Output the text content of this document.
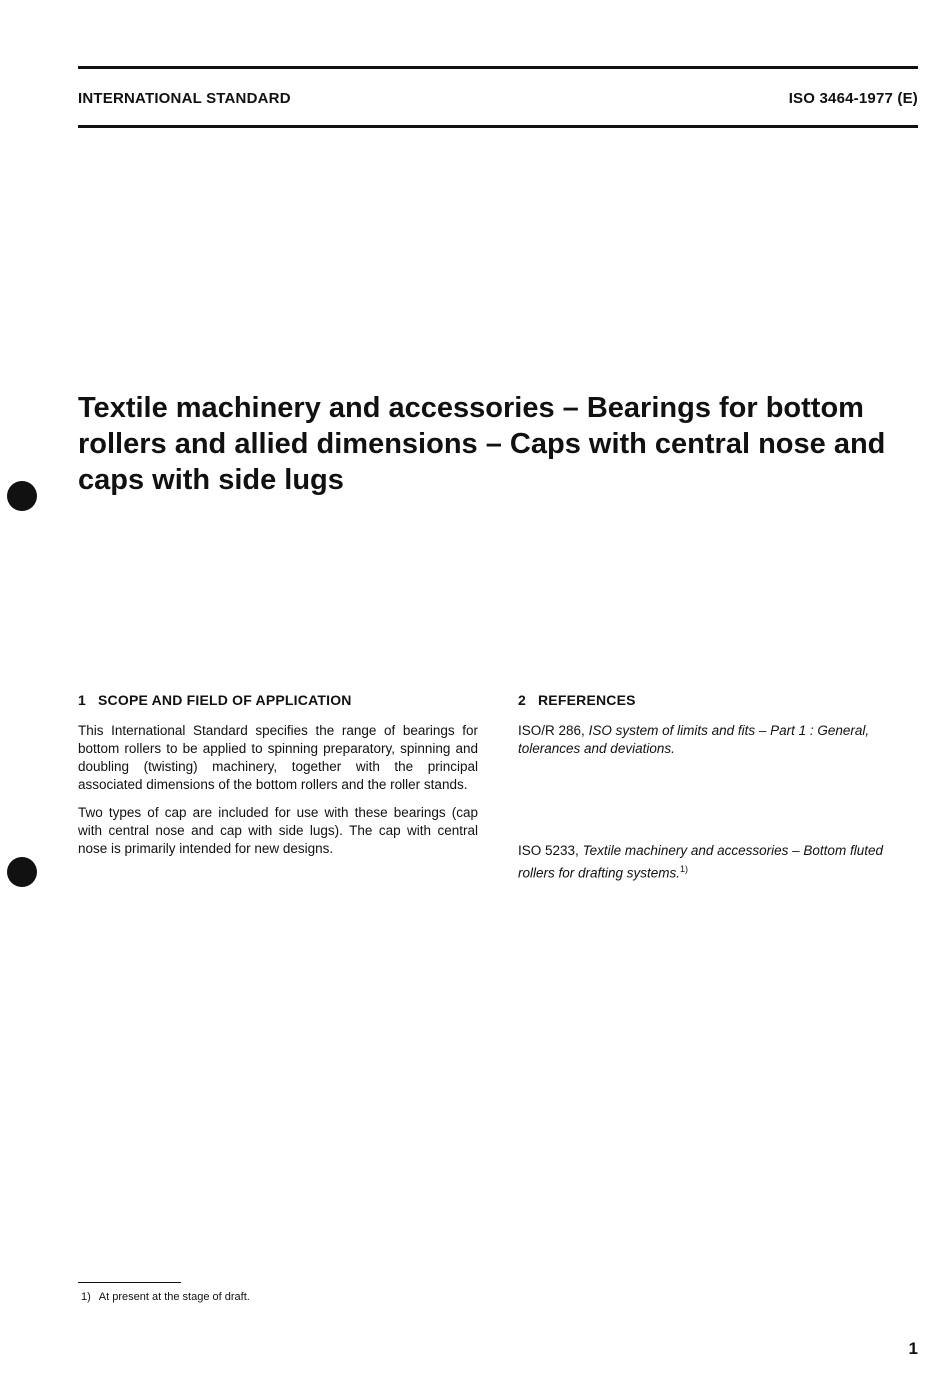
INTERNATIONAL STANDARD	ISO 3464-1977 (E)
Textile machinery and accessories – Bearings for bottom
rollers and allied dimensions – Caps with central nose and
caps with side lugs
1 SCOPE AND FIELD OF APPLICATION

This International Standard specifies the range of bearings for bottom rollers to be applied to spinning preparatory, spinning and doubling (twisting) machinery, together with the principal associated dimensions of the bottom rollers and the roller stands.

Two types of cap are included for use with these bearings (cap with central nose and cap with side lugs). The cap with central nose is primarily intended for new designs.

2 REFERENCES

ISO/R 286, ISO system of limits and fits – Part 1 : General, tolerances and deviations.

ISO 5233, Textile machinery and accessories – Bottom fluted rollers for drafting systems.$^{1)}$

1) At present at the stage of draft.
1
